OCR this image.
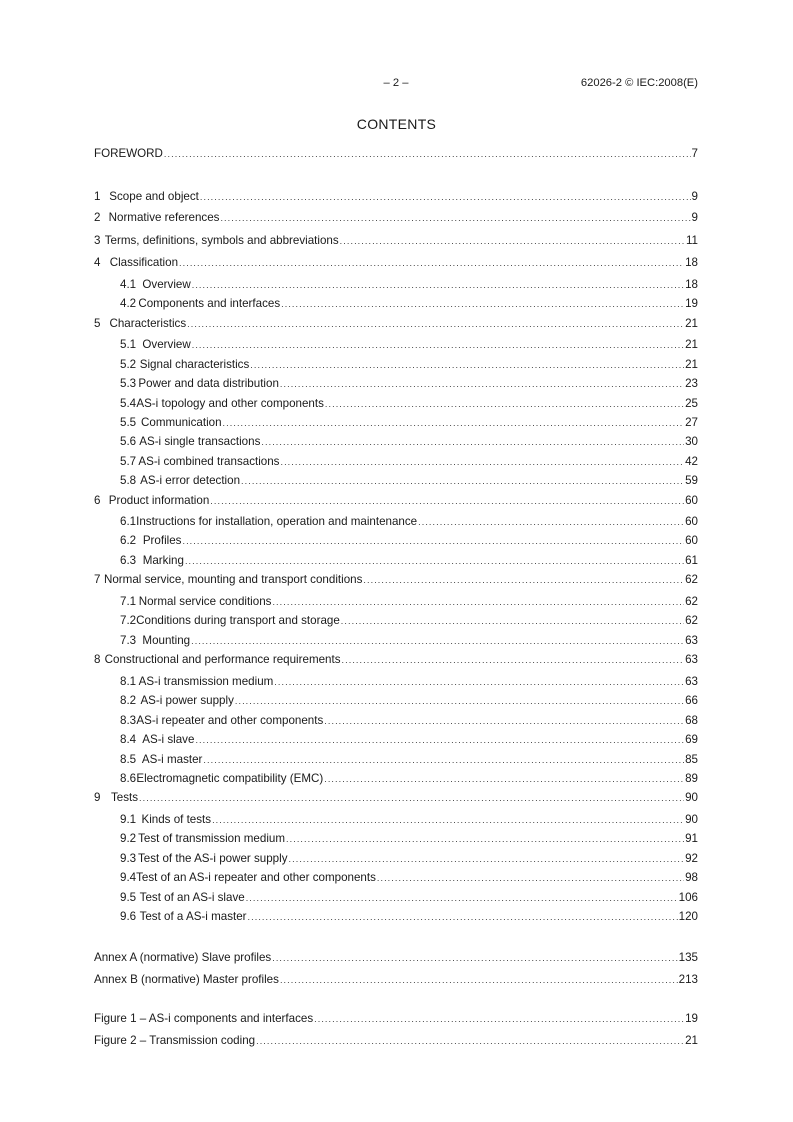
– 2 –	62026-2 © IEC:2008(E)
CONTENTS
FOREWORD .....	7
1 Scope and object .....	9
2 Normative references .....	9
3 Terms, definitions, symbols and abbreviations .....	11
4 Classification .....	18
4.1 Overview .....	18
4.2 Components and interfaces .....	19
5 Characteristics .....	21
5.1 Overview .....	21
5.2 Signal characteristics .....	21
5.3 Power and data distribution .....	23
5.4 AS-i topology and other components .....	25
5.5 Communication .....	27
5.6 AS-i single transactions .....	30
5.7 AS-i combined transactions .....	42
5.8 AS-i error detection .....	59
6 Product information .....	60
6.1 Instructions for installation, operation and maintenance .....	60
6.2 Profiles .....	60
6.3 Marking .....	61
7 Normal service, mounting and transport conditions .....	62
7.1 Normal service conditions .....	62
7.2 Conditions during transport and storage .....	62
7.3 Mounting .....	63
8 Constructional and performance requirements .....	63
8.1 AS-i transmission medium .....	63
8.2 AS-i power supply .....	66
8.3 AS-i repeater and other components .....	68
8.4 AS-i slave .....	69
8.5 AS-i master .....	85
8.6 Electromagnetic compatibility (EMC) .....	89
9 Tests .....	90
9.1 Kinds of tests .....	90
9.2 Test of transmission medium .....	91
9.3 Test of the AS-i power supply .....	92
9.4 Test of an AS-i repeater and other components .....	98
9.5 Test of an AS-i slave .....	106
9.6 Test of a AS-i master .....	120
Annex A (normative) Slave profiles .....	135
Annex B (normative) Master profiles .....	213
Figure 1 – AS-i components and interfaces .....	19
Figure 2 – Transmission coding .....	21
